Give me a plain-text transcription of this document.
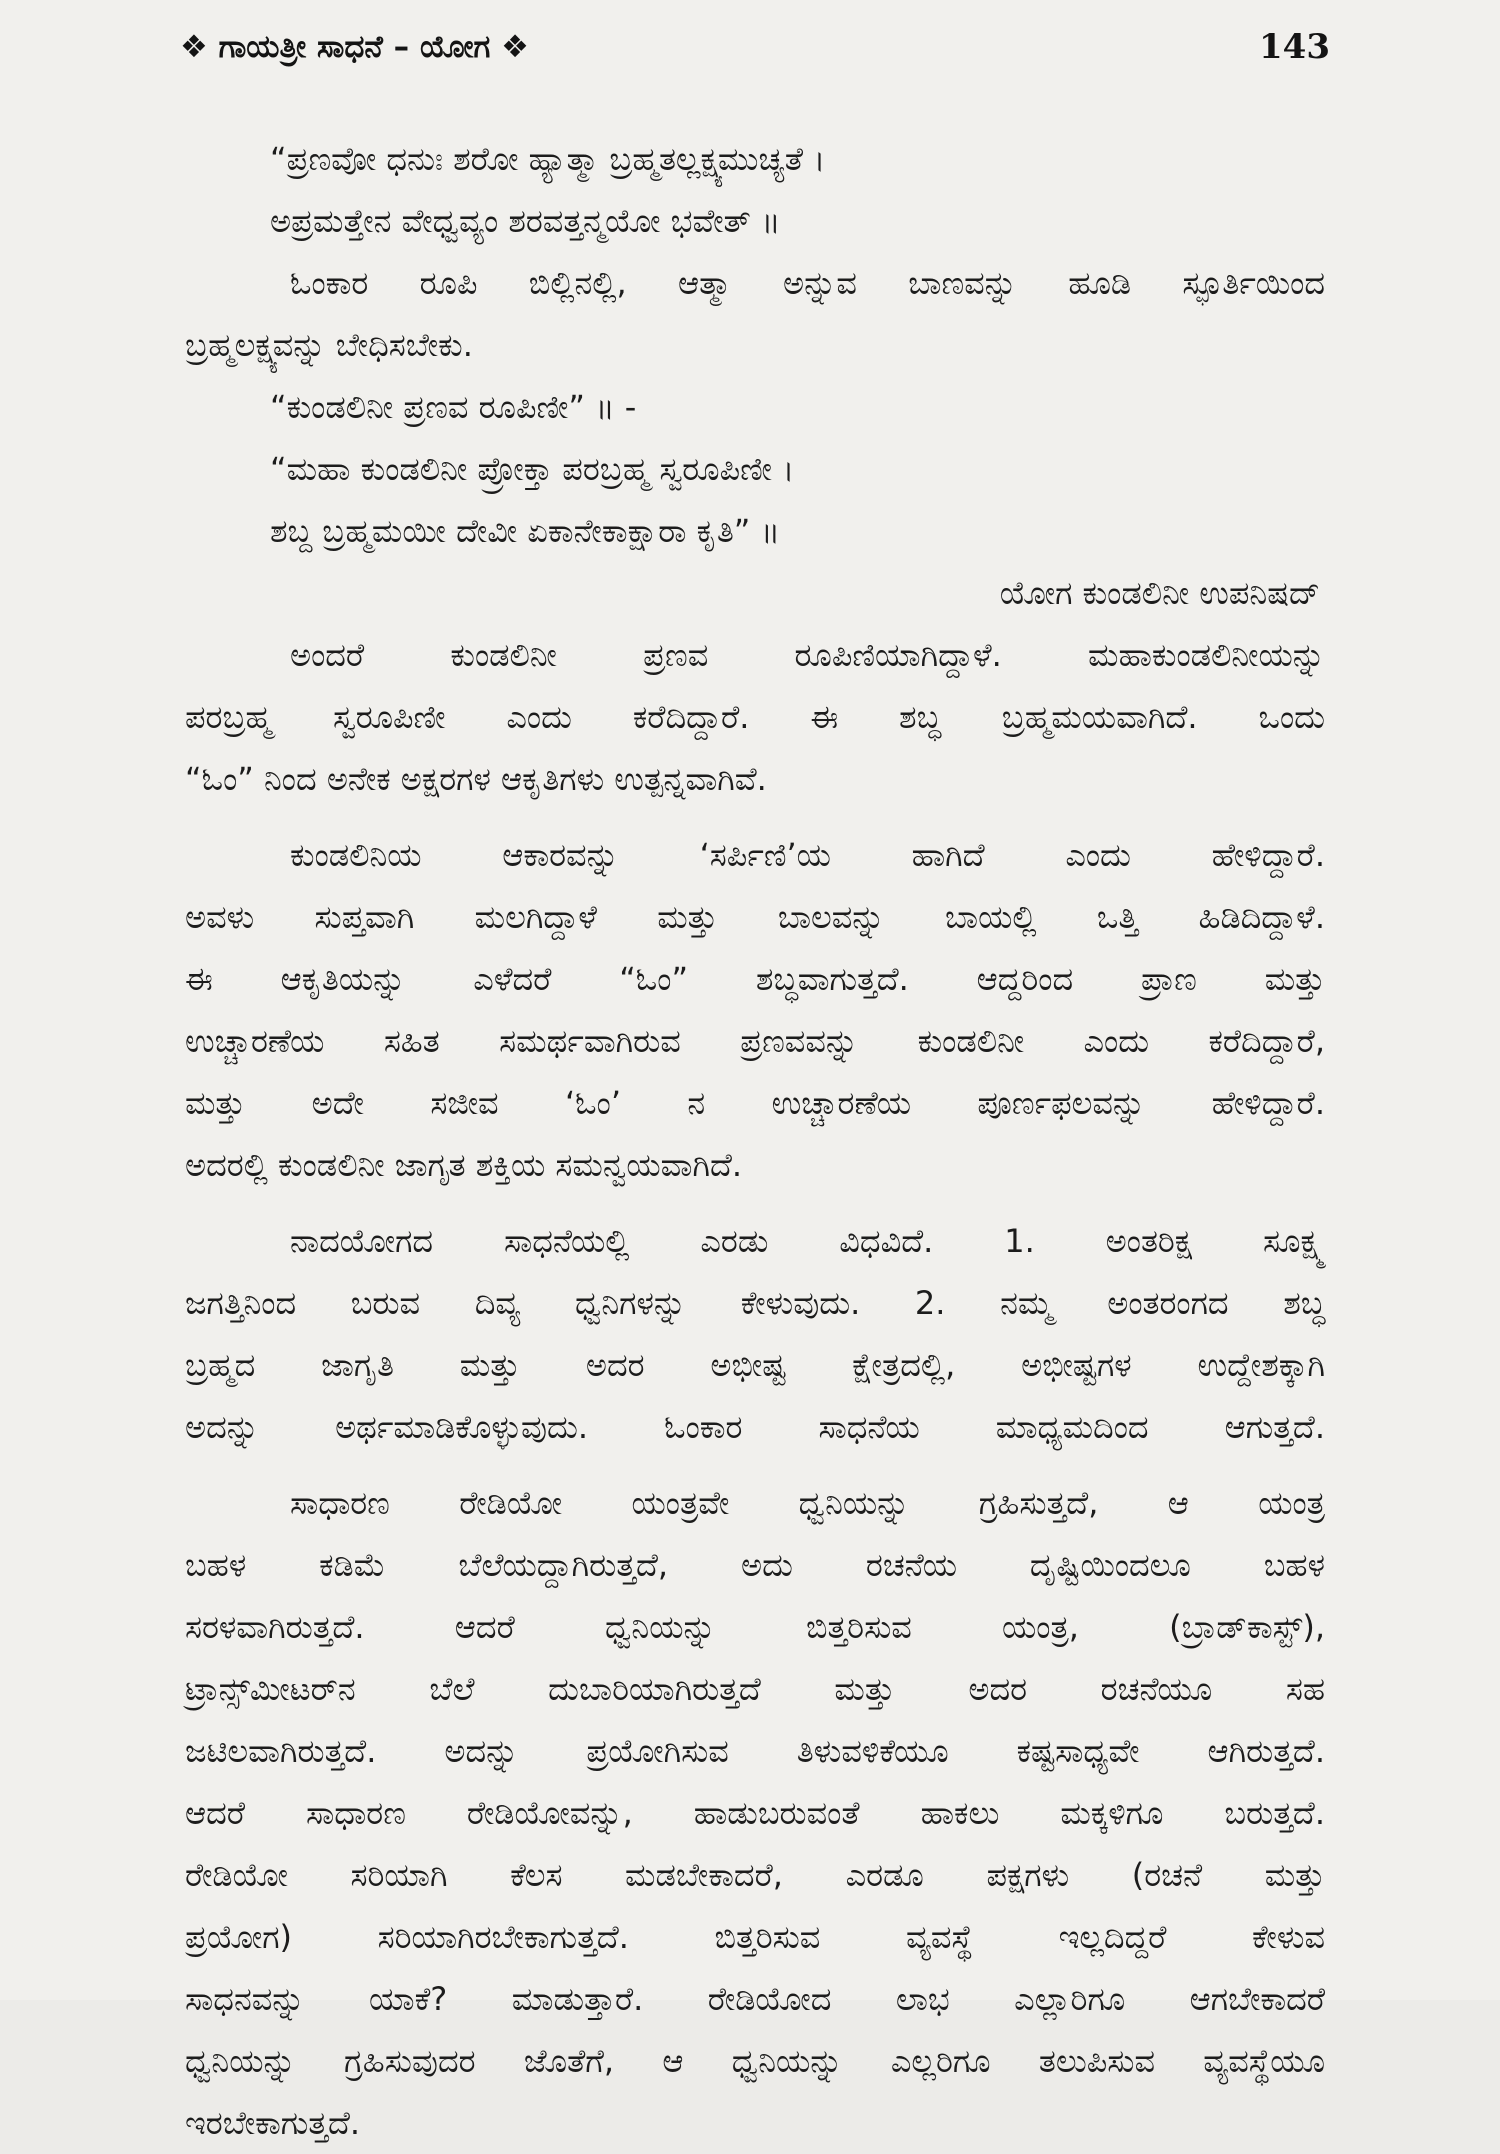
❖ ಗಾಯತ್ರೀ ಸಾಧನೆ – ಯೋಗ ❖	143
“ಪ್ರಣವೋ ಧನುಃ ಶರೋ ಹ್ಯಾತ್ಮಾ ಬ್ರಹ್ಮತಲ್ಲಕ್ಷ್ಯಮುಚ್ಯತೆ ।
ಅಪ್ರಮತ್ತೇನ ವೇಧ್ವವ್ಯಂ ಶರವತ್ತನ್ಮಯೋ ಭವೇತ್ ॥
ಓಂಕಾರ ರೂಪಿ ಬಿಲ್ಲಿನಲ್ಲಿ, ಆತ್ಮಾ ಅನ್ನುವ ಬಾಣವನ್ನು ಹೂಡಿ ಸ್ಫೂರ್ತಿಯಿಂದ
ಬ್ರಹ್ಮಲಕ್ಷ್ಯವನ್ನು ಬೇಧಿಸಬೇಕು.
“ಕುಂಡಲಿನೀ ಪ್ರಣವ ರೂಪಿಣೀ” ॥ -
“ಮಹಾ ಕುಂಡಲಿನೀ ಪ್ರೋಕ್ತಾ ಪರಬ್ರಹ್ಮ ಸ್ವರೂಪಿಣೀ ।
ಶಬ್ದ ಬ್ರಹ್ಮಮಯೀ ದೇವೀ ಏಕಾನೇಕಾಕ್ಷಾರಾ ಕೃತಿ” ॥
ಯೋಗ ಕುಂಡಲಿನೀ ಉಪನಿಷದ್
ಅಂದರೆ ಕುಂಡಲಿನೀ ಪ್ರಣವ ರೂಪಿಣಿಯಾಗಿದ್ದಾಳೆ. ಮಹಾಕುಂಡಲಿನೀಯನ್ನು
ಪರಬ್ರಹ್ಮ ಸ್ವರೂಪಿಣೀ ಎಂದು ಕರೆದಿದ್ದಾರೆ. ಈ ಶಬ್ಧ ಬ್ರಹ್ಮಮಯವಾಗಿದೆ. ಒಂದು
“ಓಂ” ನಿಂದ ಅನೇಕ ಅಕ್ಷರಗಳ ಆಕೃತಿಗಳು ಉತ್ಪನ್ನವಾಗಿವೆ.
ಕುಂಡಲಿನಿಯ ಆಕಾರವನ್ನು ‘ಸರ್ಪಿಣಿ’ಯ ಹಾಗಿದೆ ಎಂದು ಹೇಳಿದ್ದಾರೆ.
ಅವಳು ಸುಪ್ತವಾಗಿ ಮಲಗಿದ್ದಾಳೆ ಮತ್ತು ಬಾಲವನ್ನು ಬಾಯಲ್ಲಿ ಒತ್ತಿ ಹಿಡಿದಿದ್ದಾಳೆ.
ಈ ಆಕೃತಿಯನ್ನು ಎಳೆದರೆ “ಓಂ” ಶಬ್ಧವಾಗುತ್ತದೆ. ಆದ್ದರಿಂದ ಪ್ರಾಣ ಮತ್ತು
ಉಚ್ಚಾರಣೆಯ ಸಹಿತ ಸಮರ್ಥವಾಗಿರುವ ಪ್ರಣವವನ್ನು ಕುಂಡಲಿನೀ ಎಂದು ಕರೆದಿದ್ದಾರೆ,
ಮತ್ತು ಅದೇ ಸಜೀವ ‘ಓಂ’ ನ ಉಚ್ಚಾರಣೆಯ ಪೂರ್ಣಫಲವನ್ನು ಹೇಳಿದ್ದಾರೆ.
ಅದರಲ್ಲಿ ಕುಂಡಲಿನೀ ಜಾಗೃತ ಶಕ್ತಿಯ ಸಮನ್ವಯವಾಗಿದೆ.
ನಾದಯೋಗದ ಸಾಧನೆಯಲ್ಲಿ ಎರಡು ವಿಧವಿದೆ. 1. ಅಂತರಿಕ್ಷ ಸೂಕ್ಷ್ಮ
ಜಗತ್ತಿನಿಂದ ಬರುವ ದಿವ್ಯ ಧ್ವನಿಗಳನ್ನು ಕೇಳುವುದು. 2. ನಮ್ಮ ಅಂತರಂಗದ ಶಬ್ಧ
ಬ್ರಹ್ಮದ ಜಾಗೃತಿ ಮತ್ತು ಅದರ ಅಭೀಷ್ಟ ಕ್ಷೇತ್ರದಲ್ಲಿ, ಅಭೀಷ್ಟಗಳ ಉದ್ದೇಶಕ್ಕಾಗಿ
ಅದನ್ನು ಅರ್ಥಮಾಡಿಕೊಳ್ಳುವುದು. ಓಂಕಾರ ಸಾಧನೆಯ ಮಾಧ್ಯಮದಿಂದ ಆಗುತ್ತದೆ.
ಸಾಧಾರಣ ರೇಡಿಯೋ ಯಂತ್ರವೇ ಧ್ವನಿಯನ್ನು ಗ್ರಹಿಸುತ್ತದೆ, ಆ ಯಂತ್ರ
ಬಹಳ ಕಡಿಮೆ ಬೆಲೆಯದ್ದಾಗಿರುತ್ತದೆ, ಅದು ರಚನೆಯ ದೃಷ್ಟಿಯಿಂದಲೂ ಬಹಳ
ಸರಳವಾಗಿರುತ್ತದೆ. ಆದರೆ ಧ್ವನಿಯನ್ನು ಬಿತ್ತರಿಸುವ ಯಂತ್ರ, (ಬ್ರಾಡ್‌ಕಾಸ್ಟ್),
ಟ್ರಾನ್ಸ್‌ಮೀಟರ್‌ನ ಬೆಲೆ ದುಬಾರಿಯಾಗಿರುತ್ತದೆ ಮತ್ತು ಅದರ ರಚನೆಯೂ ಸಹ
ಜಟಿಲವಾಗಿರುತ್ತದೆ. ಅದನ್ನು ಪ್ರಯೋಗಿಸುವ ತಿಳುವಳಿಕೆಯೂ ಕಷ್ಟಸಾಧ್ಯವೇ ಆಗಿರುತ್ತದೆ.
ಆದರೆ ಸಾಧಾರಣ ರೇಡಿಯೋವನ್ನು, ಹಾಡುಬರುವಂತೆ ಹಾಕಲು ಮಕ್ಕಳಿಗೂ ಬರುತ್ತದೆ.
ರೇಡಿಯೋ ಸರಿಯಾಗಿ ಕೆಲಸ ಮಡಬೇಕಾದರೆ, ಎರಡೂ ಪಕ್ಷಗಳು (ರಚನೆ ಮತ್ತು
ಪ್ರಯೋಗ) ಸರಿಯಾಗಿರಬೇಕಾಗುತ್ತದೆ. ಬಿತ್ತರಿಸುವ ವ್ಯವಸ್ಥೆ ಇಲ್ಲದಿದ್ದರೆ ಕೇಳುವ
ಸಾಧನವನ್ನು ಯಾಕೆ? ಮಾಡುತ್ತಾರೆ. ರೇಡಿಯೋದ ಲಾಭ ಎಲ್ಲಾರಿಗೂ ಆಗಬೇಕಾದರೆ
ಧ್ವನಿಯನ್ನು ಗ್ರಹಿಸುವುದರ ಜೊತೆಗೆ, ಆ ಧ್ವನಿಯನ್ನು ಎಲ್ಲರಿಗೂ ತಲುಪಿಸುವ ವ್ಯವಸ್ಥೆಯೂ
ಇರಬೇಕಾಗುತ್ತದೆ.
